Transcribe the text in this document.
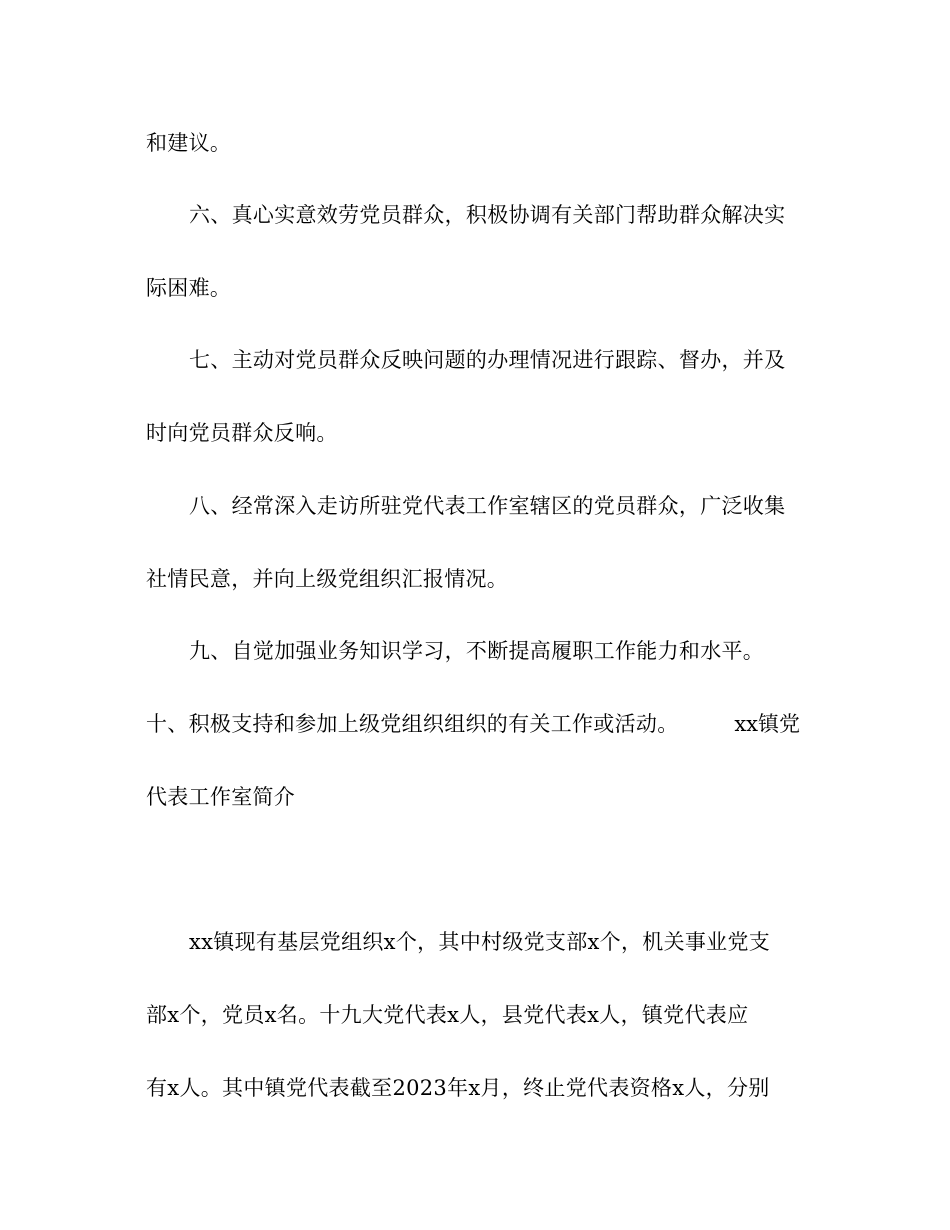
和建议。
六、真心实意效劳党员群众，积极协调有关部门帮助群众解决实
际困难。
七、主动对党员群众反映问题的办理情况进行跟踪、督办，并及
时向党员群众反响。
八、经常深入走访所驻党代表工作室辖区的党员群众，广泛收集
社情民意，并向上级党组织汇报情况。
九、自觉加强业务知识学习，不断提高履职工作能力和水平。
十、积极支持和参加上级党组织组织的有关工作或活动。	xx镇党
代表工作室简介
xx镇现有基层党组织x个，其中村级党支部x个，机关事业党支
部x个，党员x名。十九大党代表x人，县党代表x人，镇党代表应
有x人。其中镇党代表截至2023年x月，终止党代表资格x人，分别
